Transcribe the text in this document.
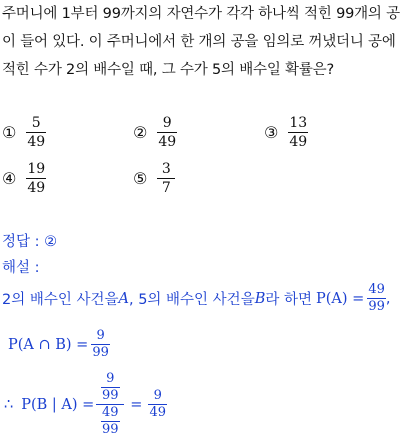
주머니에 1부터 99까지의 자연수가 각각 하나씩 적힌 99개의 공
이 들어 있다. 이 주머니에서 한 개의 공을 임의로 꺼냈더니 공에
적힌 수가 2의 배수일 때, 그 수가 5의 배수일 확률은?
① $\frac{5}{49}$	② $\frac{9}{49}$	③ $\frac{13}{49}$
④ $\frac{19}{49}$	⑤ $\frac{3}{7}$
정답 : ②
해설 :
2의 배수인 사건을 A , 5의 배수인 사건을 B 라 하면 $P(A) = \frac{49}{99}$ ,
P(A ∩ $B) = \frac{9}{99}$
∴ P(B | $A) = \frac{\frac{9}{99}}{\frac{49}{99}} = \frac{9}{49}$
